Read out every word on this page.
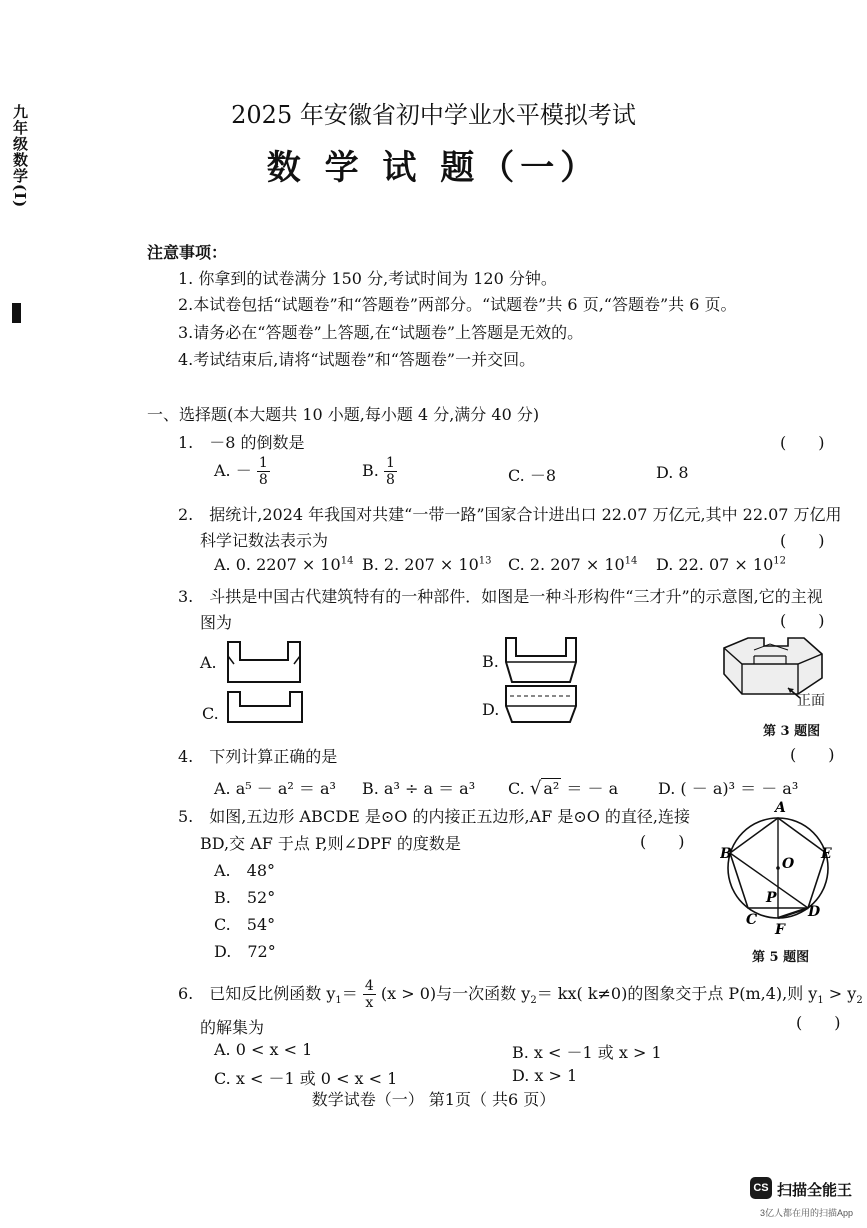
九年级数学(I)	2025 年安徽省初中学业水平模拟考试
数 学 试 题（一）
注意事项：
1. 你拿到的试卷满分 150 分,考试时间为 120 分钟。
2.本试卷包括“试题卷”和“答题卷”两部分。“试题卷”共 6 页,“答题卷”共 6 页。
3.请务必在“答题卷”上答题,在“试题卷”上答题是无效的。
4.考试结束后,请将“试题卷”和“答题卷”一并交回。
一、选择题(本大题共 10 小题,每小题 4 分,满分 40 分)
1.　－8 的倒数是	(　　)
A. － $\frac{1}{8}$	B. $\frac{1}{8}$	C. －8	D. 8
2.　据统计,2024 年我国对共建“一带一路”国家合计进出口 22.07 万亿元,其中 22.07 万亿用
科学记数法表示为	(　　)
A. 0. $2207 \times 10^{14}$ B. 2. $207 \times 10^{13}$ C. 2. $207 \times 10^{14}$ D. 22. $07 \times 10^{12}$
3.　斗拱是中国古代建筑特有的一种部件．如图是一种斗形构件“三才升”的示意图,它的主视
图为	(　　)
A.	B.
C.	D.	正面
第 3 题图
4.　下列计算正确的是	(　　)
A. a⁵ － a² ＝ a³ B. a³ ÷ a ＝ a³ C. √ a² ＝ － a D. ( － a)³ ＝ － a³
5.　如图,五边形 ABCDE 是⊙O 的内接正五边形,AF 是⊙O 的直径,连接
BD,交 AF 于点 P,则∠DPF 的度数是	(　　)
A.　48°
B.　52°
C.　54°
D.　72°
A
B
C	D
E
F
O
P
第 5 题图
6.　已知反比例函数 $y_1= \frac{4}{x} (x > 0)$与一次函数 $y_2= kx$( k≠0)的图象交于点 P(m,4),则 $y_1 > y_2$
的解集为	(　　)
A. 0 < x < 1	B. x < －1 或 x > 1
C. x < －1 或 0 < x < 1	D. x > 1
数学试卷（一） 第1页（ 共6 页）
CS 扫描全能王
3亿人都在用的扫描App
